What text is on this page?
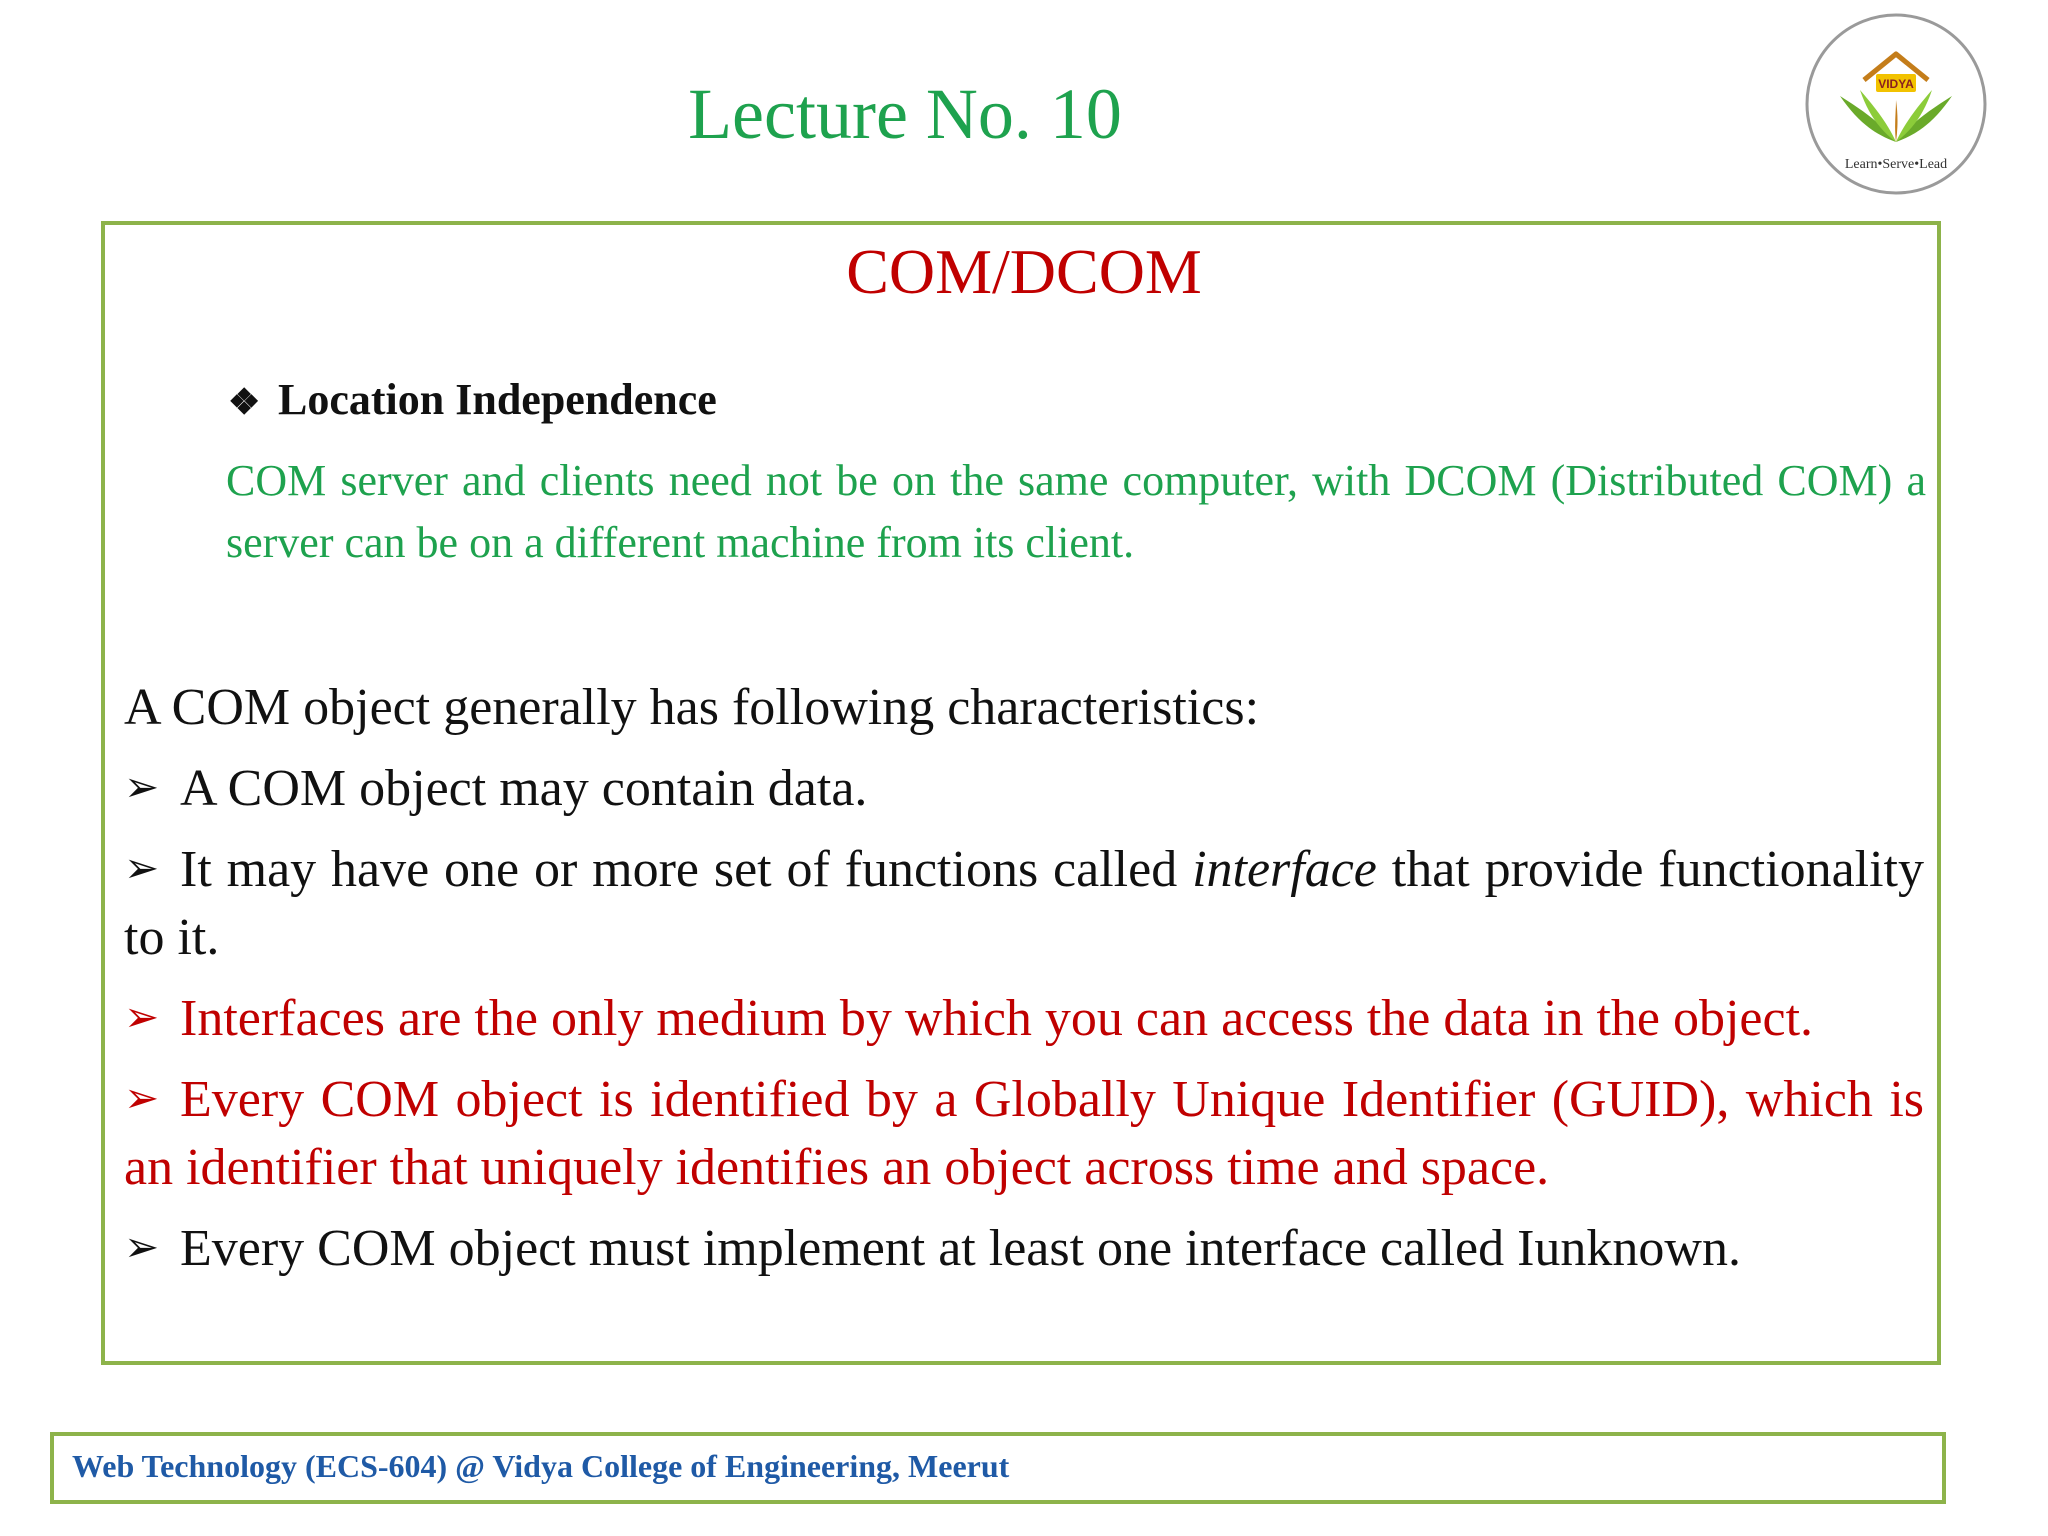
Lecture No. 10	VIDYA
Learn•Serve•Lead
COM/DCOM
❖ Location Independence
COM server and clients need not be on the same computer, with DCOM (Distributed COM) a server can be on a different machine from its client.
A COM object generally has following characteristics:
➢ A COM object may contain data.
➢ It may have one or more set of functions called interface that provide functionality to it.
➢ Interfaces are the only medium by which you can access the data in the object.
➢ Every COM object is identified by a Globally Unique Identifier (GUID), which is an identifier that uniquely identifies an object across time and space.
➢ Every COM object must implement at least one interface called Iunknown.
Web Technology (ECS-604) @ Vidya College of Engineering, Meerut
